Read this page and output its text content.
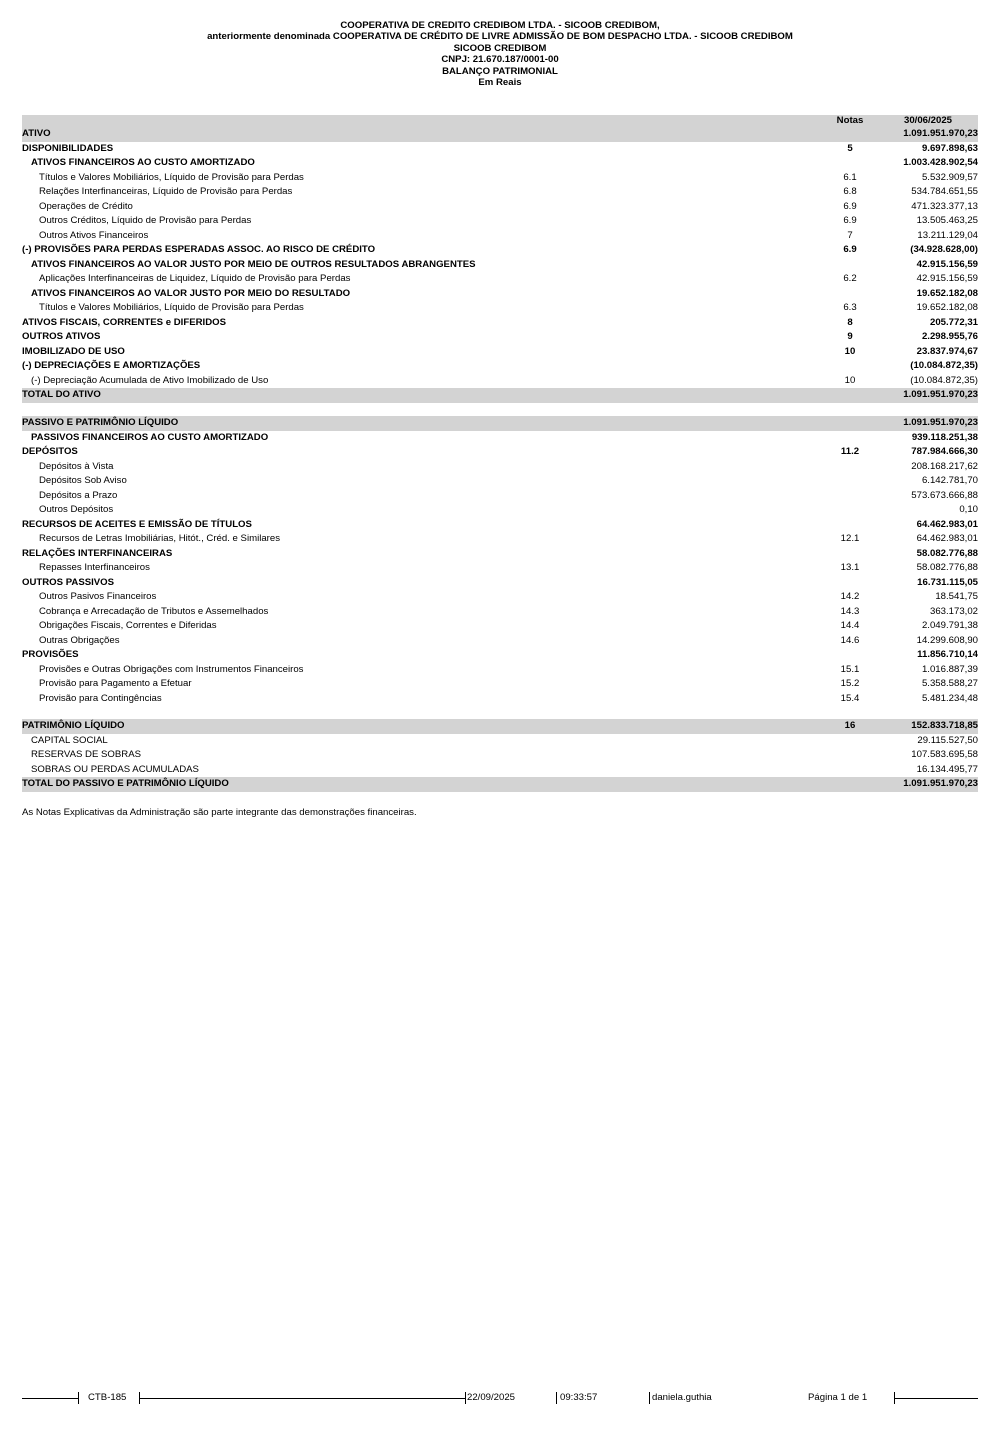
COOPERATIVA DE CREDITO CREDIBOM LTDA. - SICOOB CREDIBOM,
anteriormente denominada COOPERATIVA DE CRÉDITO DE LIVRE ADMISSÃO DE BOM DESPACHO LTDA. - SICOOB CREDIBOM
SICOOB CREDIBOM
CNPJ: 21.670.187/0001-00
BALANÇO PATRIMONIAL
Em Reais
Notas	30/06/2025
ATIVO	1.091.951.970,23
DISPONIBILIDADES	5	9.697.898,63
ATIVOS FINANCEIROS AO CUSTO AMORTIZADO	1.003.428.902,54
Títulos e Valores Mobiliários, Líquido de Provisão para Perdas	6.1	5.532.909,57
Relações Interfinanceiras, Líquido de Provisão para Perdas	6.8	534.784.651,55
Operações de Crédito	6.9	471.323.377,13
Outros Créditos, Líquido de Provisão para Perdas	6.9	13.505.463,25
Outros Ativos Financeiros	7	13.211.129,04
(-) PROVISÕES PARA PERDAS ESPERADAS ASSOC. AO RISCO DE CRÉDITO	6.9	(34.928.628,00)
ATIVOS FINANCEIROS AO VALOR JUSTO POR MEIO DE OUTROS RESULTADOS ABRANGENTES	42.915.156,59
Aplicações Interfinanceiras de Liquidez, Líquido de Provisão para Perdas	6.2	42.915.156,59
ATIVOS FINANCEIROS AO VALOR JUSTO POR MEIO DO RESULTADO	19.652.182,08
Títulos e Valores Mobiliários, Líquido de Provisão para Perdas	6.3	19.652.182,08
ATIVOS FISCAIS, CORRENTES e DIFERIDOS	8	205.772,31
OUTROS ATIVOS	9	2.298.955,76
IMOBILIZADO DE USO	10	23.837.974,67
(-) DEPRECIAÇÕES E AMORTIZAÇÕES	(10.084.872,35)
(-) Depreciação Acumulada de Ativo Imobilizado de Uso	10	(10.084.872,35)
TOTAL DO ATIVO	1.091.951.970,23
PASSIVO E PATRIMÔNIO LÍQUIDO	1.091.951.970,23
PASSIVOS FINANCEIROS AO CUSTO AMORTIZADO	939.118.251,38
DEPÓSITOS	11.2	787.984.666,30
Depósitos à Vista	208.168.217,62
Depósitos Sob Aviso	6.142.781,70
Depósitos a Prazo	573.673.666,88
Outros Depósitos	0,10
RECURSOS DE ACEITES E EMISSÃO DE TÍTULOS	64.462.983,01
Recursos de Letras Imobiliárias, Hitót., Créd. e Similares	12.1	64.462.983,01
RELAÇÕES INTERFINANCEIRAS	58.082.776,88
Repasses Interfinanceiros	13.1	58.082.776,88
OUTROS PASSIVOS	16.731.115,05
Outros Pasivos Financeiros	14.2	18.541,75
Cobrança e Arrecadação de Tributos e Assemelhados	14.3	363.173,02
Obrigações Fiscais, Correntes e Diferidas	14.4	2.049.791,38
Outras Obrigações	14.6	14.299.608,90
PROVISÕES	11.856.710,14
Provisões e Outras Obrigações com Instrumentos Financeiros	15.1	1.016.887,39
Provisão para Pagamento a Efetuar	15.2	5.358.588,27
Provisão para Contingências	15.4	5.481.234,48
PATRIMÔNIO LÍQUIDO	16	152.833.718,85
CAPITAL SOCIAL	29.115.527,50
RESERVAS DE SOBRAS	107.583.695,58
SOBRAS OU PERDAS ACUMULADAS	16.134.495,77
TOTAL DO PASSIVO E PATRIMÔNIO LÍQUIDO	1.091.951.970,23
As Notas Explicativas da Administração são parte integrante das demonstrações financeiras.
CTB-185	22/09/2025	09:33:57	daniela.guthia	Página 1 de 1
